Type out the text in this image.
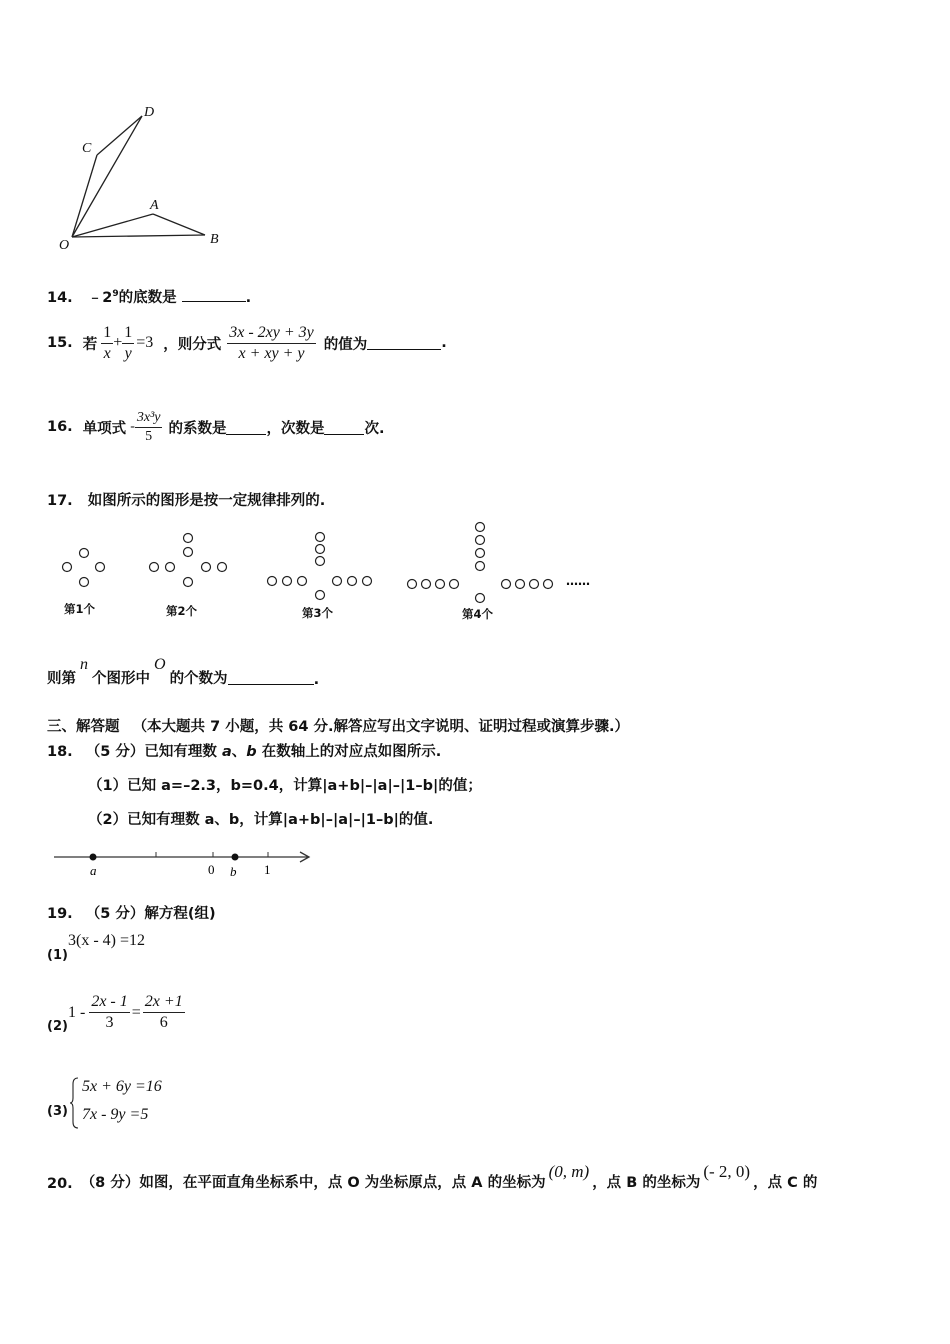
O
A
B
C
D
14. $﹣2^9$的底数是	.
15. 若 $\frac{1}{x} + \frac{1}{y} =3$ ，则分式 $\frac{3x - 2xy + 3y}{x + xy + y}$ 的值为	.
16. 单项式 - $\frac{\text{3x³y}}{5}$ 的系数是	，次数是	次.
17. 如图所示的图形是按一定规律排列的.
第1个	第2个	第3个	第4个
……
则第
n
个图形中
O
的个数为	.
三、解答题 （本大题共 7 小题，共 64 分.解答应写出文字说明、证明过程或演算步骤.）
18. （5 分）已知有理数 a、b 在数轴上的对应点如图所示.
（1）已知 a=–2.3，b=0.4，计算|a+b|–|a|–|1–b|的值；
（2）已知有理数 a、b，计算|a+b|–|a|–|1–b|的值.
a	0 b 1
19. （5 分）解方程(组)
(1)
3(x - 4) =12
(2)
$1 - \frac{2x - 1}{3} = \frac{2x +1}{6}$
(3)
5x + 6y =16
7x - 9y =5
20. （8 分） 如图，在平面直角坐标系中，点 O 为坐标原点，点 A 的坐标为
(0, m)
，点 B 的坐标为
(- 2, 0)
，点 C 的
